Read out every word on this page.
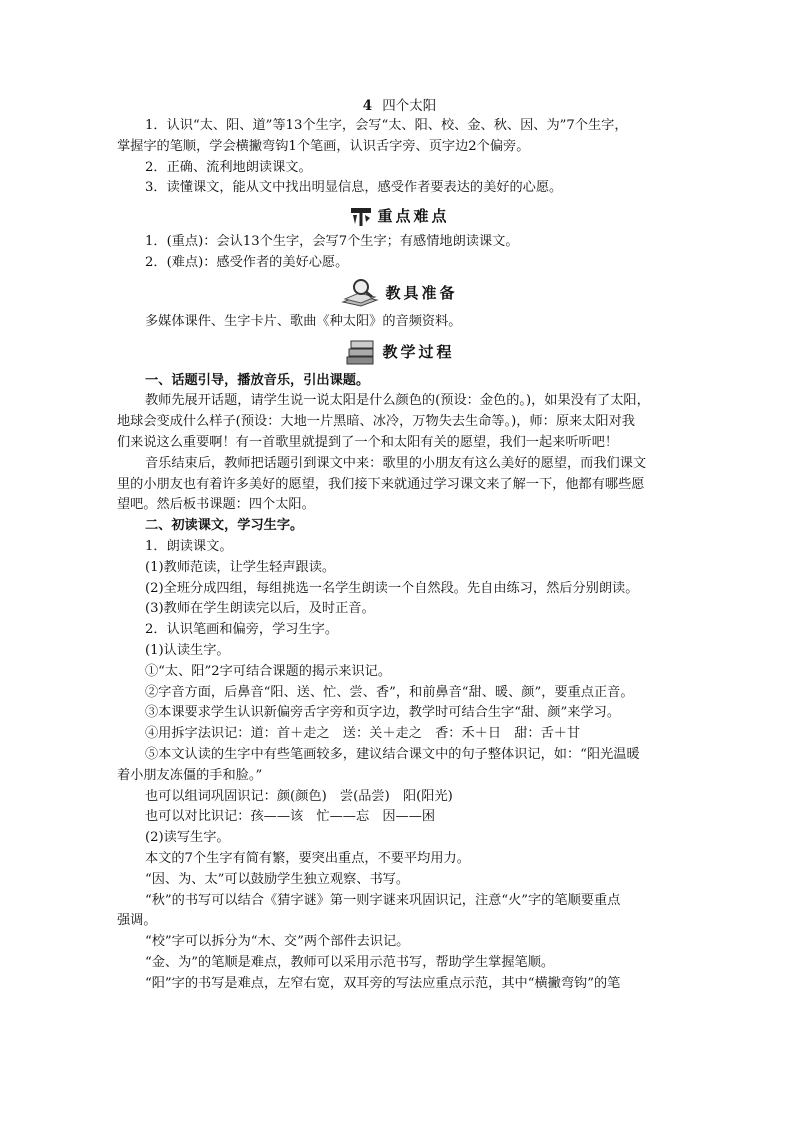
4 四个太阳

1．认识“太、阳、道”等13个生字，会写“太、阳、校、金、秋、因、为”7个生字，

掌握字的笔顺，学会横撇弯钩1个笔画，认识舌字旁、页字边2个偏旁。

2．正确、流利地朗读课文。

3．读懂课文，能从文中找出明显信息，感受作者要表达的美好的心愿。

重点难点

1．(重点)：会认13个生字，会写7个生字；有感情地朗读课文。

2．(难点)：感受作者的美好心愿。

教具准备

多媒体课件、生字卡片、歌曲《种太阳》的音频资料。

教学过程

一、话题引导，播放音乐，引出课题。

教师先展开话题，请学生说一说太阳是什么颜色的(预设：金色的。)，如果没有了太阳，

地球会变成什么样子(预设：大地一片黑暗、冰冷，万物失去生命等。)，师：原来太阳对我

们来说这么重要啊！有一首歌里就提到了一个和太阳有关的愿望，我们一起来听听吧！

音乐结束后，教师把话题引到课文中来：歌里的小朋友有这么美好的愿望，而我们课文

里的小朋友也有着许多美好的愿望，我们接下来就通过学习课文来了解一下，他都有哪些愿

望吧。然后板书课题：四个太阳。

二、初读课文，学习生字。

1．朗读课文。

(1)教师范读，让学生轻声跟读。

(2)全班分成四组，每组挑选一名学生朗读一个自然段。先自由练习，然后分别朗读。

(3)教师在学生朗读完以后，及时正音。

2．认识笔画和偏旁，学习生字。

(1)认读生字。

①“太、阳”2字可结合课题的揭示来识记。

②字音方面，后鼻音“阳、送、忙、尝、香”，和前鼻音“甜、暖、颜”，要重点正音。

③本课要求学生认识新偏旁舌字旁和页字边，教学时可结合生字“甜、颜”来学习。

④用拆字法识记：道：首＋走之　送：关＋走之　香：禾＋日　甜：舌＋甘

⑤本文认读的生字中有些笔画较多，建议结合课文中的句子整体识记，如：“阳光温暖

着小朋友冻僵的手和脸。”

也可以组词巩固识记：颜(颜色)　尝(品尝)　阳(阳光)

也可以对比识记：孩——该　忙——忘　因——困

(2)读写生字。

本文的7个生字有简有繁，要突出重点，不要平均用力。

“因、为、太”可以鼓励学生独立观察、书写。

“秋”的书写可以结合《猜字谜》第一则字谜来巩固识记，注意“火”字的笔顺要重点

强调。

“校”字可以拆分为“木、交”两个部件去识记。

“金、为”的笔顺是难点，教师可以采用示范书写，帮助学生掌握笔顺。

“阳”字的书写是难点，左窄右宽，双耳旁的写法应重点示范，其中“横撇弯钩”的笔
